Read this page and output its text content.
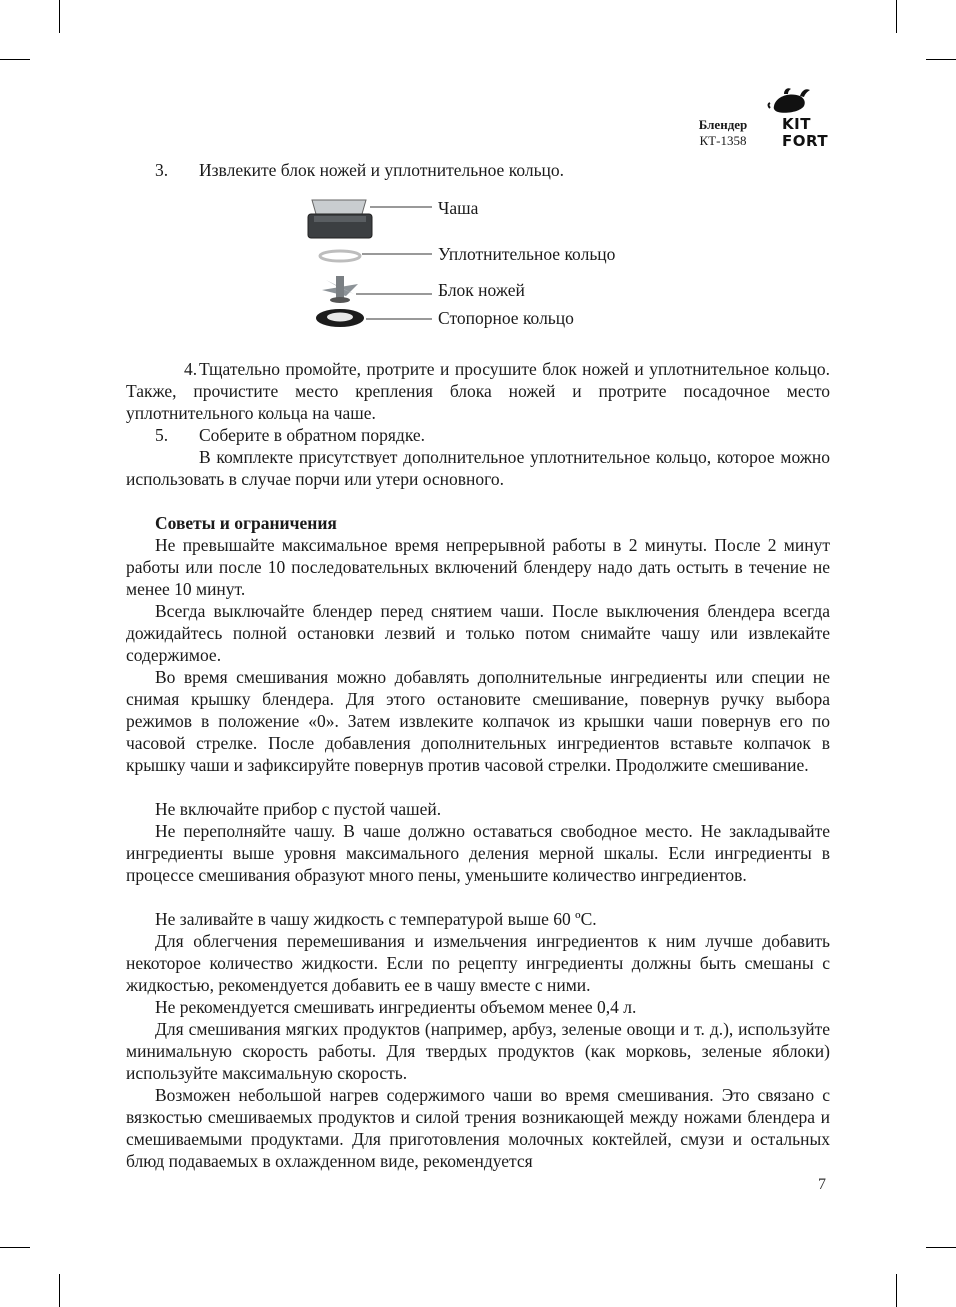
Блендер
КТ-1358
KIT
FORT
3. Извлеките блок ножей и уплотнительное кольцо.
Чаша
Уплотнительное кольцо
Блок ножей
Стопорное кольцо

4. Тщательно промойте, протрите и просушите блок ножей и уплотнительное кольцо. Также, прочистите место крепления блока ножей и протрите посадочное место уплотнительного кольца на чаше.

5. Соберите в обратном порядке.

В комплекте присутствует дополнительное уплотнительное кольцо, которое можно использовать в случае порчи или утери основного.

Советы и ограничения

Не превышайте максимальное время непрерывной работы в 2 минуты. После 2 минут работы или после 10 последовательных включений блендеру надо дать остыть в течение не менее 10 минут.

Всегда выключайте блендер перед снятием чаши. После выключения блендера всегда дожидайтесь полной остановки лезвий и только потом снимайте чашу или извлекайте содержимое.

Во время смешивания можно добавлять дополнительные ингредиенты или специи не снимая крышку блендера. Для этого остановите смешивание, повернув ручку выбора режимов в положение «0». Затем извлеките колпачок из крышки чаши повернув его по часовой стрелке. После добавления дополнительных ингредиентов вставьте колпачок в крышку чаши и зафиксируйте повернув против часовой стрелки. Продолжите смешивание.

Не включайте прибор с пустой чашей.

Не переполняйте чашу. В чаше должно оставаться свободное место. Не закладывайте ингредиенты выше уровня максимального деления мерной шкалы. Если ингредиенты в процессе смешивания образуют много пены, уменьшите количество ингредиентов.

Не заливайте в чашу жидкость с температурой выше 60 ºС.

Для облегчения перемешивания и измельчения ингредиентов к ним лучше добавить некоторое количество жидкости. Если по рецепту ингредиенты должны быть смешаны с жидкостью, рекомендуется добавить ее в чашу вместе с ними.

Не рекомендуется смешивать ингредиенты объемом менее 0,4 л.

Для смешивания мягких продуктов (например, арбуз, зеленые овощи и т. д.), используйте минимальную скорость работы. Для твердых продуктов (как морковь, зеленые яблоки) используйте максимальную скорость.

Возможен небольшой нагрев содержимого чаши во время смешивания. Это связано с вязкостью смешиваемых продуктов и силой трения возникающей между ножами блендера и смешиваемыми продуктами. Для приготовления молочных коктейлей, смузи и остальных блюд подаваемых в охлажденном виде, рекомендуется

7
